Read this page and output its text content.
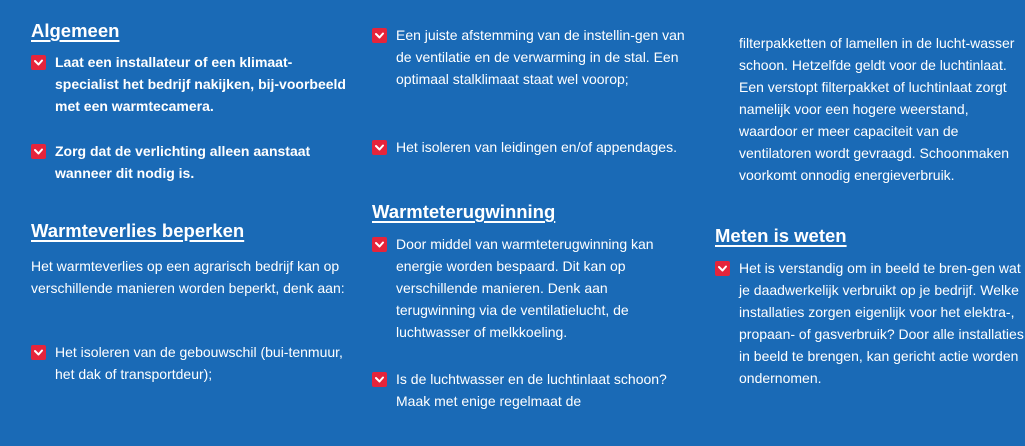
Algemeen

Laat een installateur of een klimaat-specialist het bedrijf nakijken, bij-voorbeeld met een warmtecamera.

Zorg dat de verlichting alleen aanstaat wanneer dit nodig is.

Warmteverlies beperken

Het warmteverlies op een agrarisch bedrijf kan op verschillende manieren worden beperkt, denk aan:

Het isoleren van de gebouwschil (bui-tenmuur, het dak of transportdeur);

Een juiste afstemming van de instellin-gen van de ventilatie en de verwarming in de stal. Een optimaal stalklimaat staat wel voorop;

Het isoleren van leidingen en/of appendages.

Warmteterugwinning

Door middel van warmteterugwinning kan energie worden bespaard. Dit kan op verschillende manieren. Denk aan terugwinning via de ventilatielucht, de luchtwasser of melkkoeling.

Is de luchtwasser en de luchtinlaat schoon? Maak met enige regelmaat de

filterpakketten of lamellen in de lucht-wasser schoon. Hetzelfde geldt voor de luchtinlaat. Een verstopt filterpakket of luchtinlaat zorgt namelijk voor een hogere weerstand, waardoor er meer capaciteit van de ventilatoren wordt gevraagd. Schoonmaken voorkomt onnodig energieverbruik.

Meten is weten

Het is verstandig om in beeld te bren-gen wat je daadwerkelijk verbruikt op je bedrijf. Welke installaties zorgen eigenlijk voor het elektra-, propaan- of gasverbruik? Door alle installaties in beeld te brengen, kan gericht actie worden ondernomen.
